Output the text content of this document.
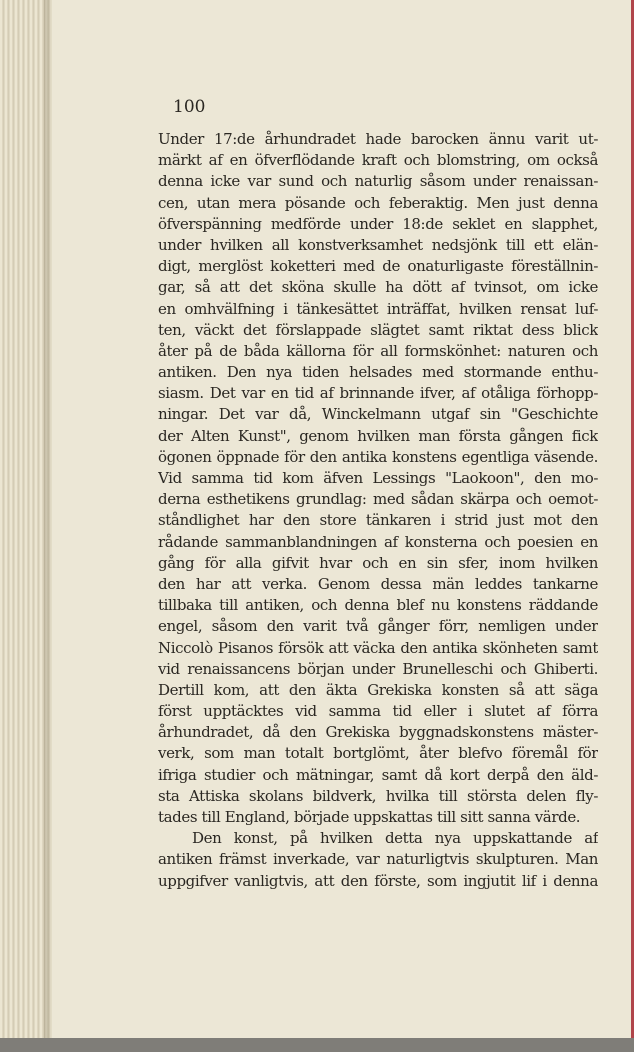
100
Under 17:de århundradet hade barocken ännu varit ut-
märkt af en öfverflödande kraft och blomstring, om också
denna icke var sund och naturlig såsom under renaissan-
cen, utan mera pösande och feberaktig. Men just denna
öfverspänning medförde under 18:de seklet en slapphet,
under hvilken all konstverksamhet nedsjönk till ett elän-
digt, merglöst koketteri med de onaturligaste föreställnin-
gar, så att det sköna skulle ha dött af tvinsot, om icke
en omhvälfning i tänkesättet inträffat, hvilken rensat luf-
ten, väckt det förslappade slägtet samt riktat dess blick
åter på de båda källorna för all formskönhet: naturen och
antiken. Den nya tiden helsades med stormande enthu-
siasm. Det var en tid af brinnande ifver, af otåliga förhopp-
ningar. Det var då, Winckelmann utgaf sin "Geschichte
der Alten Kunst", genom hvilken man första gången fick
ögonen öppnade för den antika konstens egentliga väsende.
Vid samma tid kom äfven Lessings "Laokoon", den mo-
derna esthetikens grundlag: med sådan skärpa och oemot-
ståndlighet har den store tänkaren i strid just mot den
rådande sammanblandningen af konsterna och poesien en
gång för alla gifvit hvar och en sin sfer, inom hvilken
den har att verka. Genom dessa män leddes tankarne
tillbaka till antiken, och denna blef nu konstens räddande
engel, såsom den varit två gånger förr, nemligen under
Niccolò Pisanos försök att väcka den antika skönheten samt
vid renaissancens början under Brunelleschi och Ghiberti.
Dertill kom, att den äkta Grekiska konsten så att säga
först upptäcktes vid samma tid eller i slutet af förra
århundradet, då den Grekiska byggnadskonstens mäster-
verk, som man totalt bortglömt, åter blefvo föremål för
ifriga studier och mätningar, samt då kort derpå den äld-
sta Attiska skolans bildverk, hvilka till största delen fly-
tades till England, började uppskattas till sitt sanna värde.
Den konst, på hvilken detta nya uppskattande af
antiken främst inverkade, var naturligtvis skulpturen. Man
uppgifver vanligtvis, att den förste, som ingjutit lif i denna
